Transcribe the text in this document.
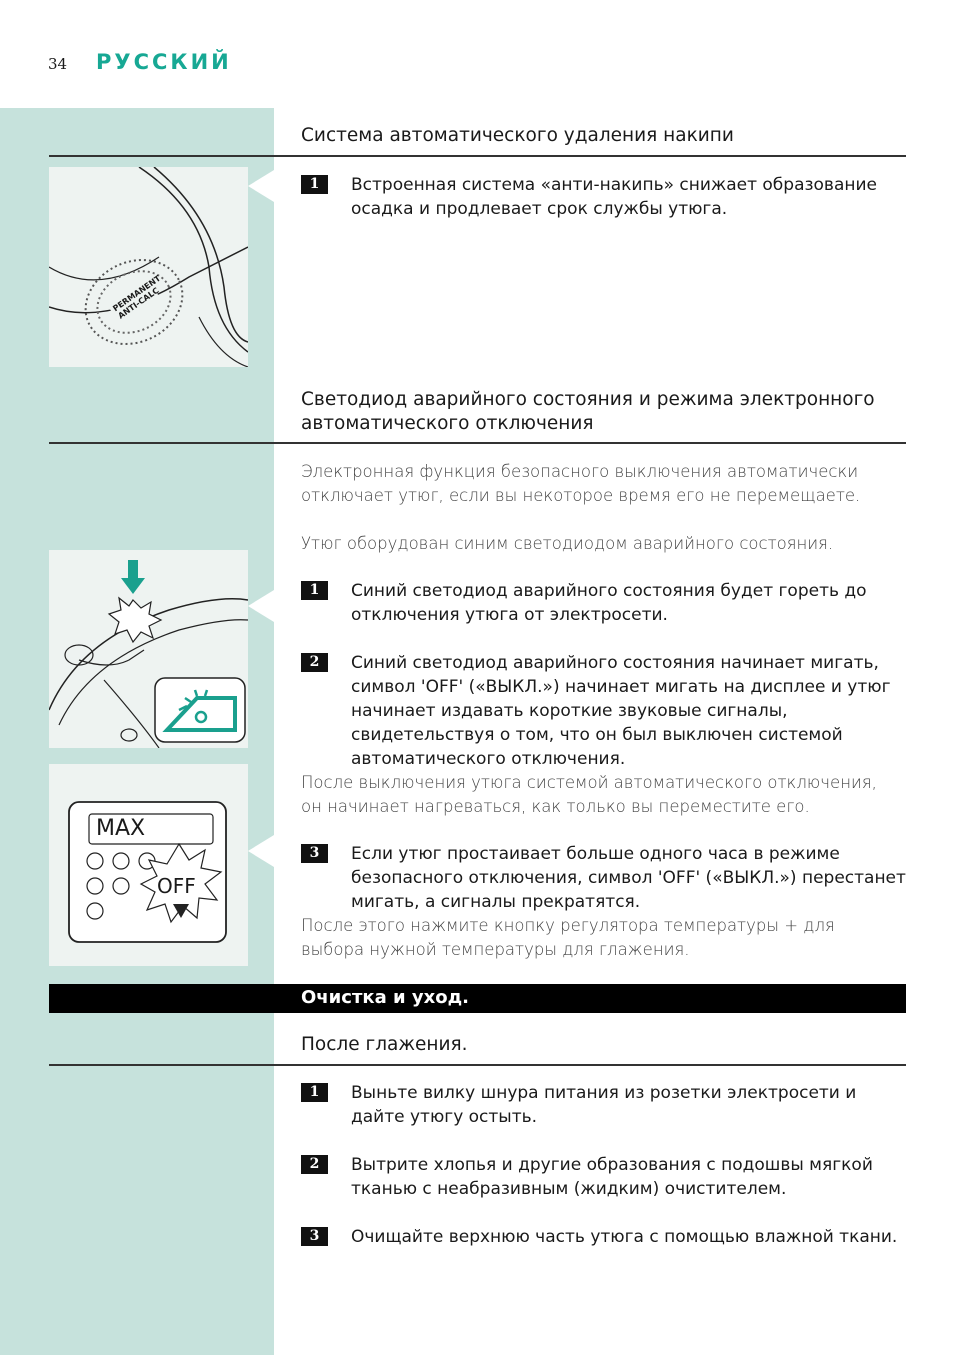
34 РУССКИЙ
Система автоматического удаления накипи
PERMANENT ANTI-CALC
1	Встроенная система «анти-накипь» снижает образование осадка и продлевает срок службы утюга.
Светодиод аварийного состояния и режима электронного автоматического отключения
Электронная функция безопасного выключения автоматически отключает утюг, если вы некоторое время его не перемещаете.
Утюг оборудован синим светодиодом аварийного состояния.
MAX
OFF
1	Синий светодиод аварийного состояния будет гореть до отключения утюга от электросети.
2	Синий светодиод аварийного состояния начинает мигать, символ 'OFF' («ВЫКЛ.») начинает мигать на дисплее и утюг начинает издавать короткие звуковые сигналы, свидетельствуя о том, что он был выключен системой автоматического отключения.
После выключения утюга системой автоматического отключения, он начинает нагреваться, как только вы переместите его.
3	Если утюг простаивает больше одного часа в режиме безопасного отключения, символ 'OFF' («ВЫКЛ.») перестанет мигать, а сигналы прекратятся.
После этого нажмите кнопку регулятора температуры + для выбора нужной температуры для глажения.
Очистка и уход.
После глажения.
1	Выньте вилку шнура питания из розетки электросети и дайте утюгу остыть.
2	Вытрите хлопья и другие образования с подошвы мягкой тканью с неабразивным (жидким) очистителем.
3	Очищайте верхнюю часть утюга с помощью влажной ткани.
